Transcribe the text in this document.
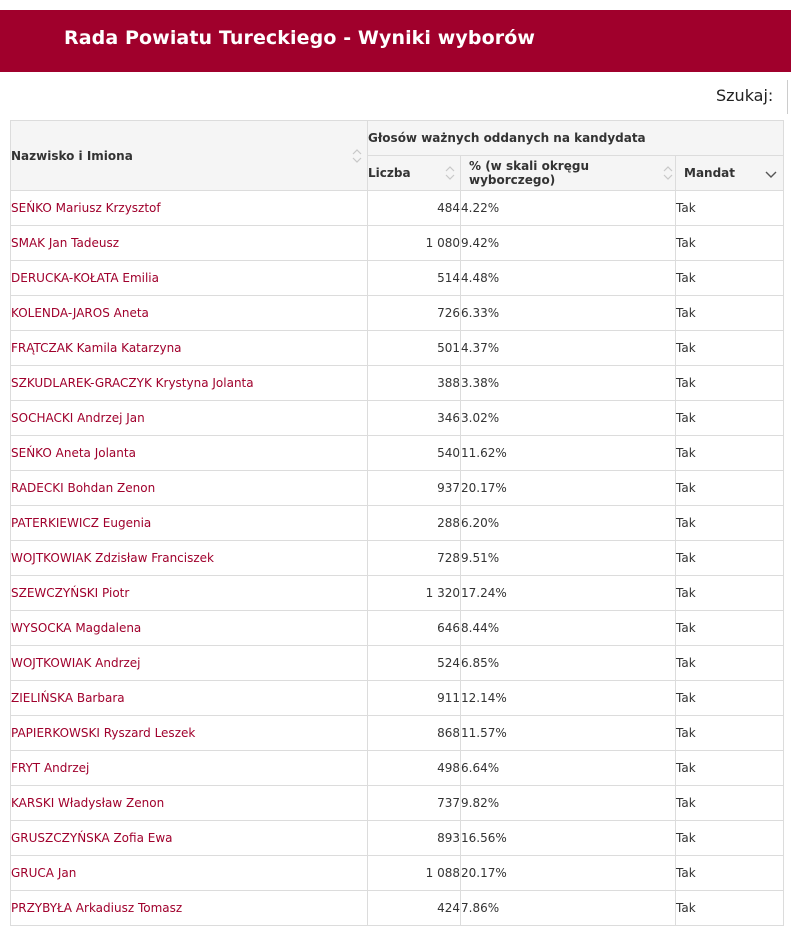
Rada Powiatu Tureckiego - Wyniki wyborów
Szukaj:
Nazwisko i Imiona	Głosów ważnych oddanych na kandydata		
	Liczba	% (w skali okręgu wyborczego)	Mandat

SEŃKO Mariusz Krzysztof	484	4.22%	Tak
SMAK Jan Tadeusz	1 080	9.42%	Tak
DERUCKA-KOŁATA Emilia	514	4.48%	Tak
KOLENDA-JAROS Aneta	726	6.33%	Tak
FRĄTCZAK Kamila Katarzyna	501	4.37%	Tak
SZKUDLAREK-GRACZYK Krystyna Jolanta	388	3.38%	Tak
SOCHACKI Andrzej Jan	346	3.02%	Tak
SEŃKO Aneta Jolanta	540	11.62%	Tak
RADECKI Bohdan Zenon	937	20.17%	Tak
PATERKIEWICZ Eugenia	288	6.20%	Tak
WOJTKOWIAK Zdzisław Franciszek	728	9.51%	Tak
SZEWCZYŃSKI Piotr	1 320	17.24%	Tak
WYSOCKA Magdalena	646	8.44%	Tak
WOJTKOWIAK Andrzej	524	6.85%	Tak
ZIELIŃSKA Barbara	911	12.14%	Tak
PAPIERKOWSKI Ryszard Leszek	868	11.57%	Tak
FRYT Andrzej	498	6.64%	Tak
KARSKI Władysław Zenon	737	9.82%	Tak
GRUSZCZYŃSKA Zofia Ewa	893	16.56%	Tak
GRUCA Jan	1 088	20.17%	Tak
PRZYBYŁA Arkadiusz Tomasz	424	7.86%	Tak
